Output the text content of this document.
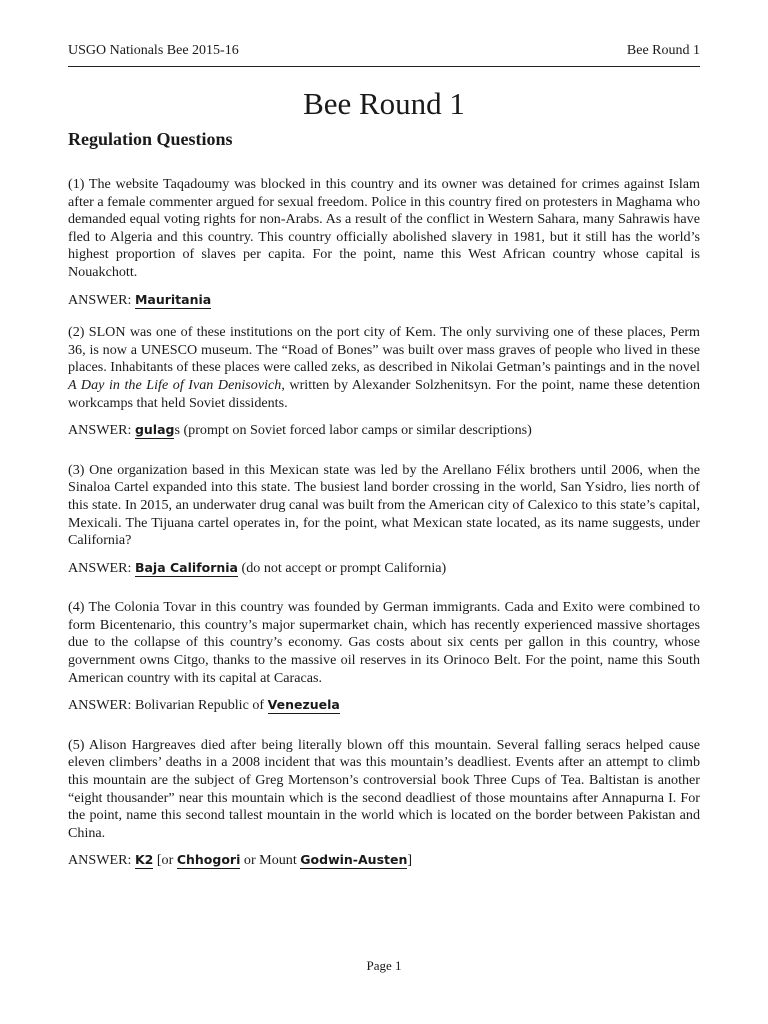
USGO Nationals Bee 2015-16	Bee Round 1
Bee Round 1
Regulation Questions

(1) The website Taqadoumy was blocked in this country and its owner was detained for crimes against Islam after a female commenter argued for sexual freedom. Police in this country fired on protesters in Maghama who demanded equal voting rights for non-Arabs. As a result of the conflict in Western Sahara, many Sahrawis have fled to Algeria and this country. This country officially abolished slavery in 1981, but it still has the world’s highest proportion of slaves per capita. For the point, name this West African country whose capital is Nouakchott.

ANSWER: Mauritania

(2) SLON was one of these institutions on the port city of Kem. The only surviving one of these places, Perm 36, is now a UNESCO museum. The “Road of Bones” was built over mass graves of people who lived in these places. Inhabitants of these places were called zeks, as described in Nikolai Getman’s paintings and in the novel A Day in the Life of Ivan Denisovich, written by Alexander Solzhenitsyn. For the point, name these detention workcamps that held Soviet dissidents.

ANSWER: gulags (prompt on Soviet forced labor camps or similar descriptions)

(3) One organization based in this Mexican state was led by the Arellano Félix brothers until 2006, when the Sinaloa Cartel expanded into this state. The busiest land border crossing in the world, San Ysidro, lies north of this state. In 2015, an underwater drug canal was built from the American city of Calexico to this state’s capital, Mexicali. The Tijuana cartel operates in, for the point, what Mexican state located, as its name suggests, under California?

ANSWER: Baja California (do not accept or prompt California)

(4) The Colonia Tovar in this country was founded by German immigrants. Cada and Exito were combined to form Bicentenario, this country’s major supermarket chain, which has recently experienced massive shortages due to the collapse of this country’s economy. Gas costs about six cents per gallon in this country, whose government owns Citgo, thanks to the massive oil reserves in its Orinoco Belt. For the point, name this South American country with its capital at Caracas.

ANSWER: Bolivarian Republic of Venezuela

(5) Alison Hargreaves died after being literally blown off this mountain. Several falling seracs helped cause eleven climbers’ deaths in a 2008 incident that was this mountain’s deadliest. Events after an attempt to climb this mountain are the subject of Greg Mortenson’s controversial book Three Cups of Tea. Baltistan is another “eight thousander” near this mountain which is the second deadliest of those mountains after Annapurna I. For the point, name this second tallest mountain in the world which is located on the border between Pakistan and China.

ANSWER: K2 [or Chhogori or Mount Godwin-Austen]

Page 1
